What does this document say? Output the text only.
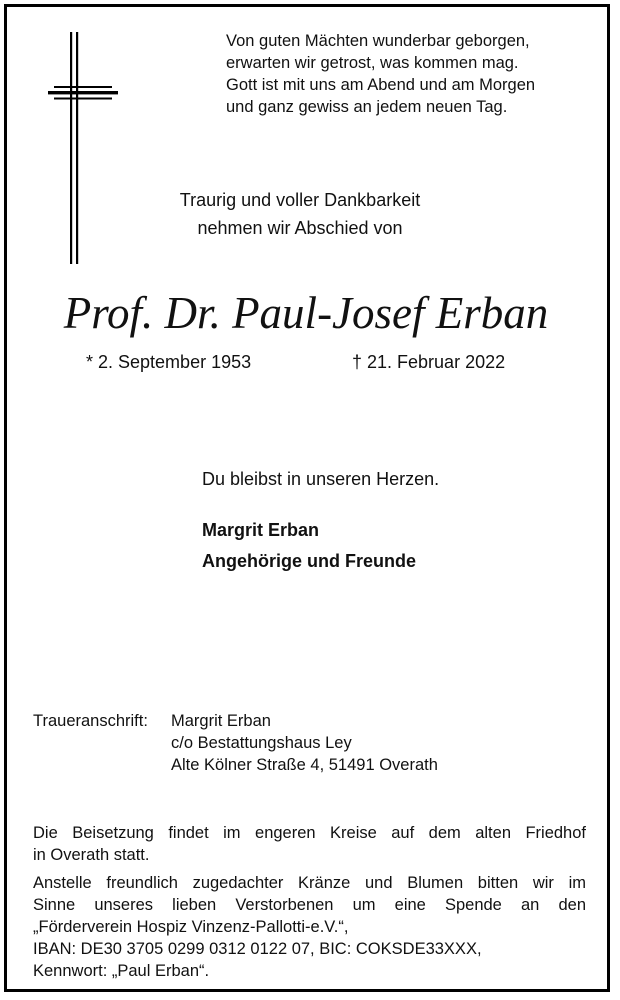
Von guten Mächten wunderbar geborgen,
erwarten wir getrost, was kommen mag.
Gott ist mit uns am Abend und am Morgen
und ganz gewiss an jedem neuen Tag.
Traurig und voller Dankbarkeit
nehmen wir Abschied von
Prof. Dr. Paul-Josef Erban
* 2. September 1953	† 21. Februar 2022
Du bleibst in unseren Herzen.
Margrit Erban
Angehörige und Freunde
Traueranschrift: Margrit Erban
c/o Bestattungshaus Ley
Alte Kölner Straße 4, 51491 Overath
Die Beisetzung findet im engeren Kreise auf dem alten Friedhof
in Overath statt.
Anstelle freundlich zugedachter Kränze und Blumen bitten wir im
Sinne unseres lieben Verstorbenen um eine Spende an den
„Förderverein Hospiz Vinzenz-Pallotti-e.V.“,
IBAN: DE30 3705 0299 0312 0122 07, BIC: COKSDE33XXX,
Kennwort: „Paul Erban“.
